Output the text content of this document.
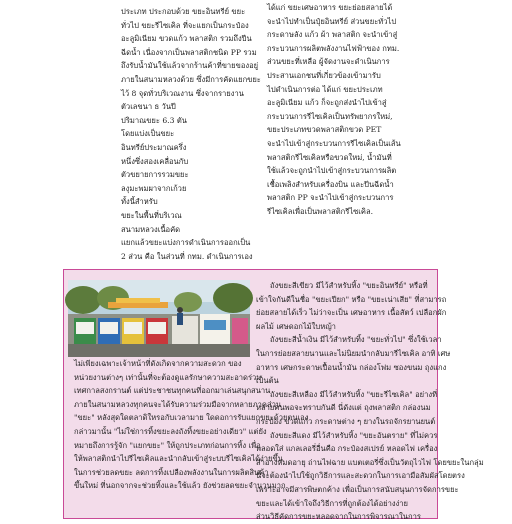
ประเภท ประกอบด้วย ขยะอินทรีย์ ขยะ
ทั่วไป ขยะรีไซเคิล ที่จะแยกเป็นกระป๋อง
อะลูมิเนียม ขวดแก้ว พลาสติก รวมถึงปีน
ฉีดน้ำ เนื่องจากเป็นพลาสติกชนิด PP รวม
ถึงรับน้ำมันใช้แล้วจากร้านค้าที่ขายของอยู่
ภายในสนามหลวงด้วย ซึ่งมีการคัดแยกขยะ
ไว้ 8 จุดทั่วบริเวณงาน ซึ่งจากรายงาน
ตัวเลขนา ธ วันปี
ปริมาณขยะ 6.3 ตัน
โดยแบ่งเป็นขยะ
อินทรีย์ประมาณครึ่ง
หนึ่งซึ่งสองเคลื่อนกับ
ตัวขยายการรวมขยะ
ลงุมะพมผาจากเก้วย
ทั้งนี้สำหรับ
ขยะในพื้นที่บริเวณ
สนามหลวงเนื้อคัด
แยกแล้วขยะแบ่งการดำเนินการออกเป็น
2 ส่วน คือ ในส่วนที่ กทม. ดำเนินการเอง
ได้แก่ ขยะเศษอาหาร ขยะย่อยสลายได้
จะนำไปทำเป็นปุ๋ยอินทรีย์ ส่วนขยะทั่วไป
กระดาษลัง แก้ว ผ้า พลาสติก จะนำเข้าสู่
กระบวนการผลิตพลังงานไฟฟ้าของ กทม.
ส่วนขยะที่เหลือ ผู้จัดงานจะดำเนินการ
ประสานเอกชนที่เกี่ยวข้องเข้ามารับ
ไปดำเนินการต่อ ได้แก่ ขยะประเภท
อะลูมิเนียม แก้ว ก็จะถูกส่งนำไปเข้าสู่
กระบวนการรีไซเคิลเป็นทรัพยากรใหม่,
ขยะประเภทขวดพลาสติกขวด PET
จะนำไปเข้าสู่กระบวนการรีไซเคิลเป็นเส้น
พลาสติกรีไซเคิลหรือขวดใหม่, น้ำมันที่
ใช้แล้วจะถูกนำไปเข้าสู่กระบวนการผลิต
เชื้อเพลิงสำหรับเครื่องบิน และปีนฉีดน้ำ
พลาสติก PP จะนำไปเข้าสู่กระบวนการ
รีไซเคิลเพื่อเป็นพลาสติกรีไซเคิล.
ไม่เพียงเฉพาะเจ้าหน้าที่ดังเกิดจากความสะดวก ของ
หน่วยงานต่างๆ เท่านั้นที่จะต้องดูแลรักษาความสะอาดร่วม
เทศกาลสงกรานต์ แต่ประชาชนทุกคนที่ออกมาเล่นสนุกสนาน
ภายในสนามหลวงทุกคนจะได้รับความร่วมมือจากหลายภาคส่วน
"ขยะ" หลังสุดใดตลาดิใหรอกับเวลามาย ใดดอการรับแยกขยะด้วยตนเอง
กล่าวมานั้น "ไม่ใช่การทิ้งขยะลงถังทิ้งขยะอย่างเดียว" แต่ยัง
หมายถึงการรู้จัก "แยกขยะ" ให้ถูกประเภทก่อนการทิ้ง เพื่อ
ให้พลาสติกนำไปรีไซเคิลและนำกลับเข้าสู่ระบบรีไซเคิลได้ง่ายขึ้น
ในการช่วยลดขยะ ลดการทิ้งเปลืองพลังงานในการผลิตสินค้า
ขึ้นใหม่ ที่นอกจากจะช่วยทิ้งและใช้แล้ว ยังช่วยลดขยะจำนวนมาก
ถังขยะสีเขียว มีไว้สำหรับทิ้ง "ขยะอินทรีย์" หรือที่
เข้าใจกันดีในชื่อ "ขยะเปียก" หรือ "ขยะเน่าเสีย" ที่สามารถ
ย่อยสลายได้เร็ว ไม่ว่าจะเป็น เศษอาหาร เนื้อสัตว์ เปลือกผัก
ผลไม้ เศษดอกไม้ใบหญ้า
ถังขยะสีน้ำเงิน มีไว้สำหรับทิ้ง "ขยะทั่วไป" ซึ่งใช้เวลา
ในการย่อยสลายนานและไม่นิยมนำกลับมารีไซเคิล อาทิ เศษ
อาหาร เศษกระดาษเปื้อนน้ำมัน กล่องโฟม ซองขนม ถุงแกง
เป็นต้น
ถังขยะสีเหลือง มีไว้สำหรับทิ้ง "ขยะรีไซเคิล" อย่างที่
หลายคนพอจะทราบกันดี นี่ดังแต่ ถุงพลาสติก กล่องนม
กระป๋อง ขวดแก้ว กระดาษต่าง ๆ ยางในรถจักรยานยนต์
ถังขยะสีแดง มีไว้สำหรับทิ้ง "ขยะอันตราย" ที่ไม่ควร
พลอดใส่ แกลเลอรี่อื่นคือ กระป๋องสเปรย์ หลอดไฟ เครื่อง
สำอางหมดอายุ ถ่านไฟฉาย แบตเตอรี่ซึ่งเป็นวัตถุไวไฟ โดยขยะในกลุ่ม
นี้จะต้องนำไปใช้ถูกวิธีการและสะดวกในการเอามือสัมผัสโดยตรง
เพราะอาจมีสารพิษตกค้าง เพื่อเป็นการสนับสนุนการจัดการขยะ
ขยะและได้เข้าใจถึงวิธีการที่ถูกต้องได้อย่างง่าย
ส่วนวิธีคัดการขยะหลอดจากในการพิจารณาในการ
